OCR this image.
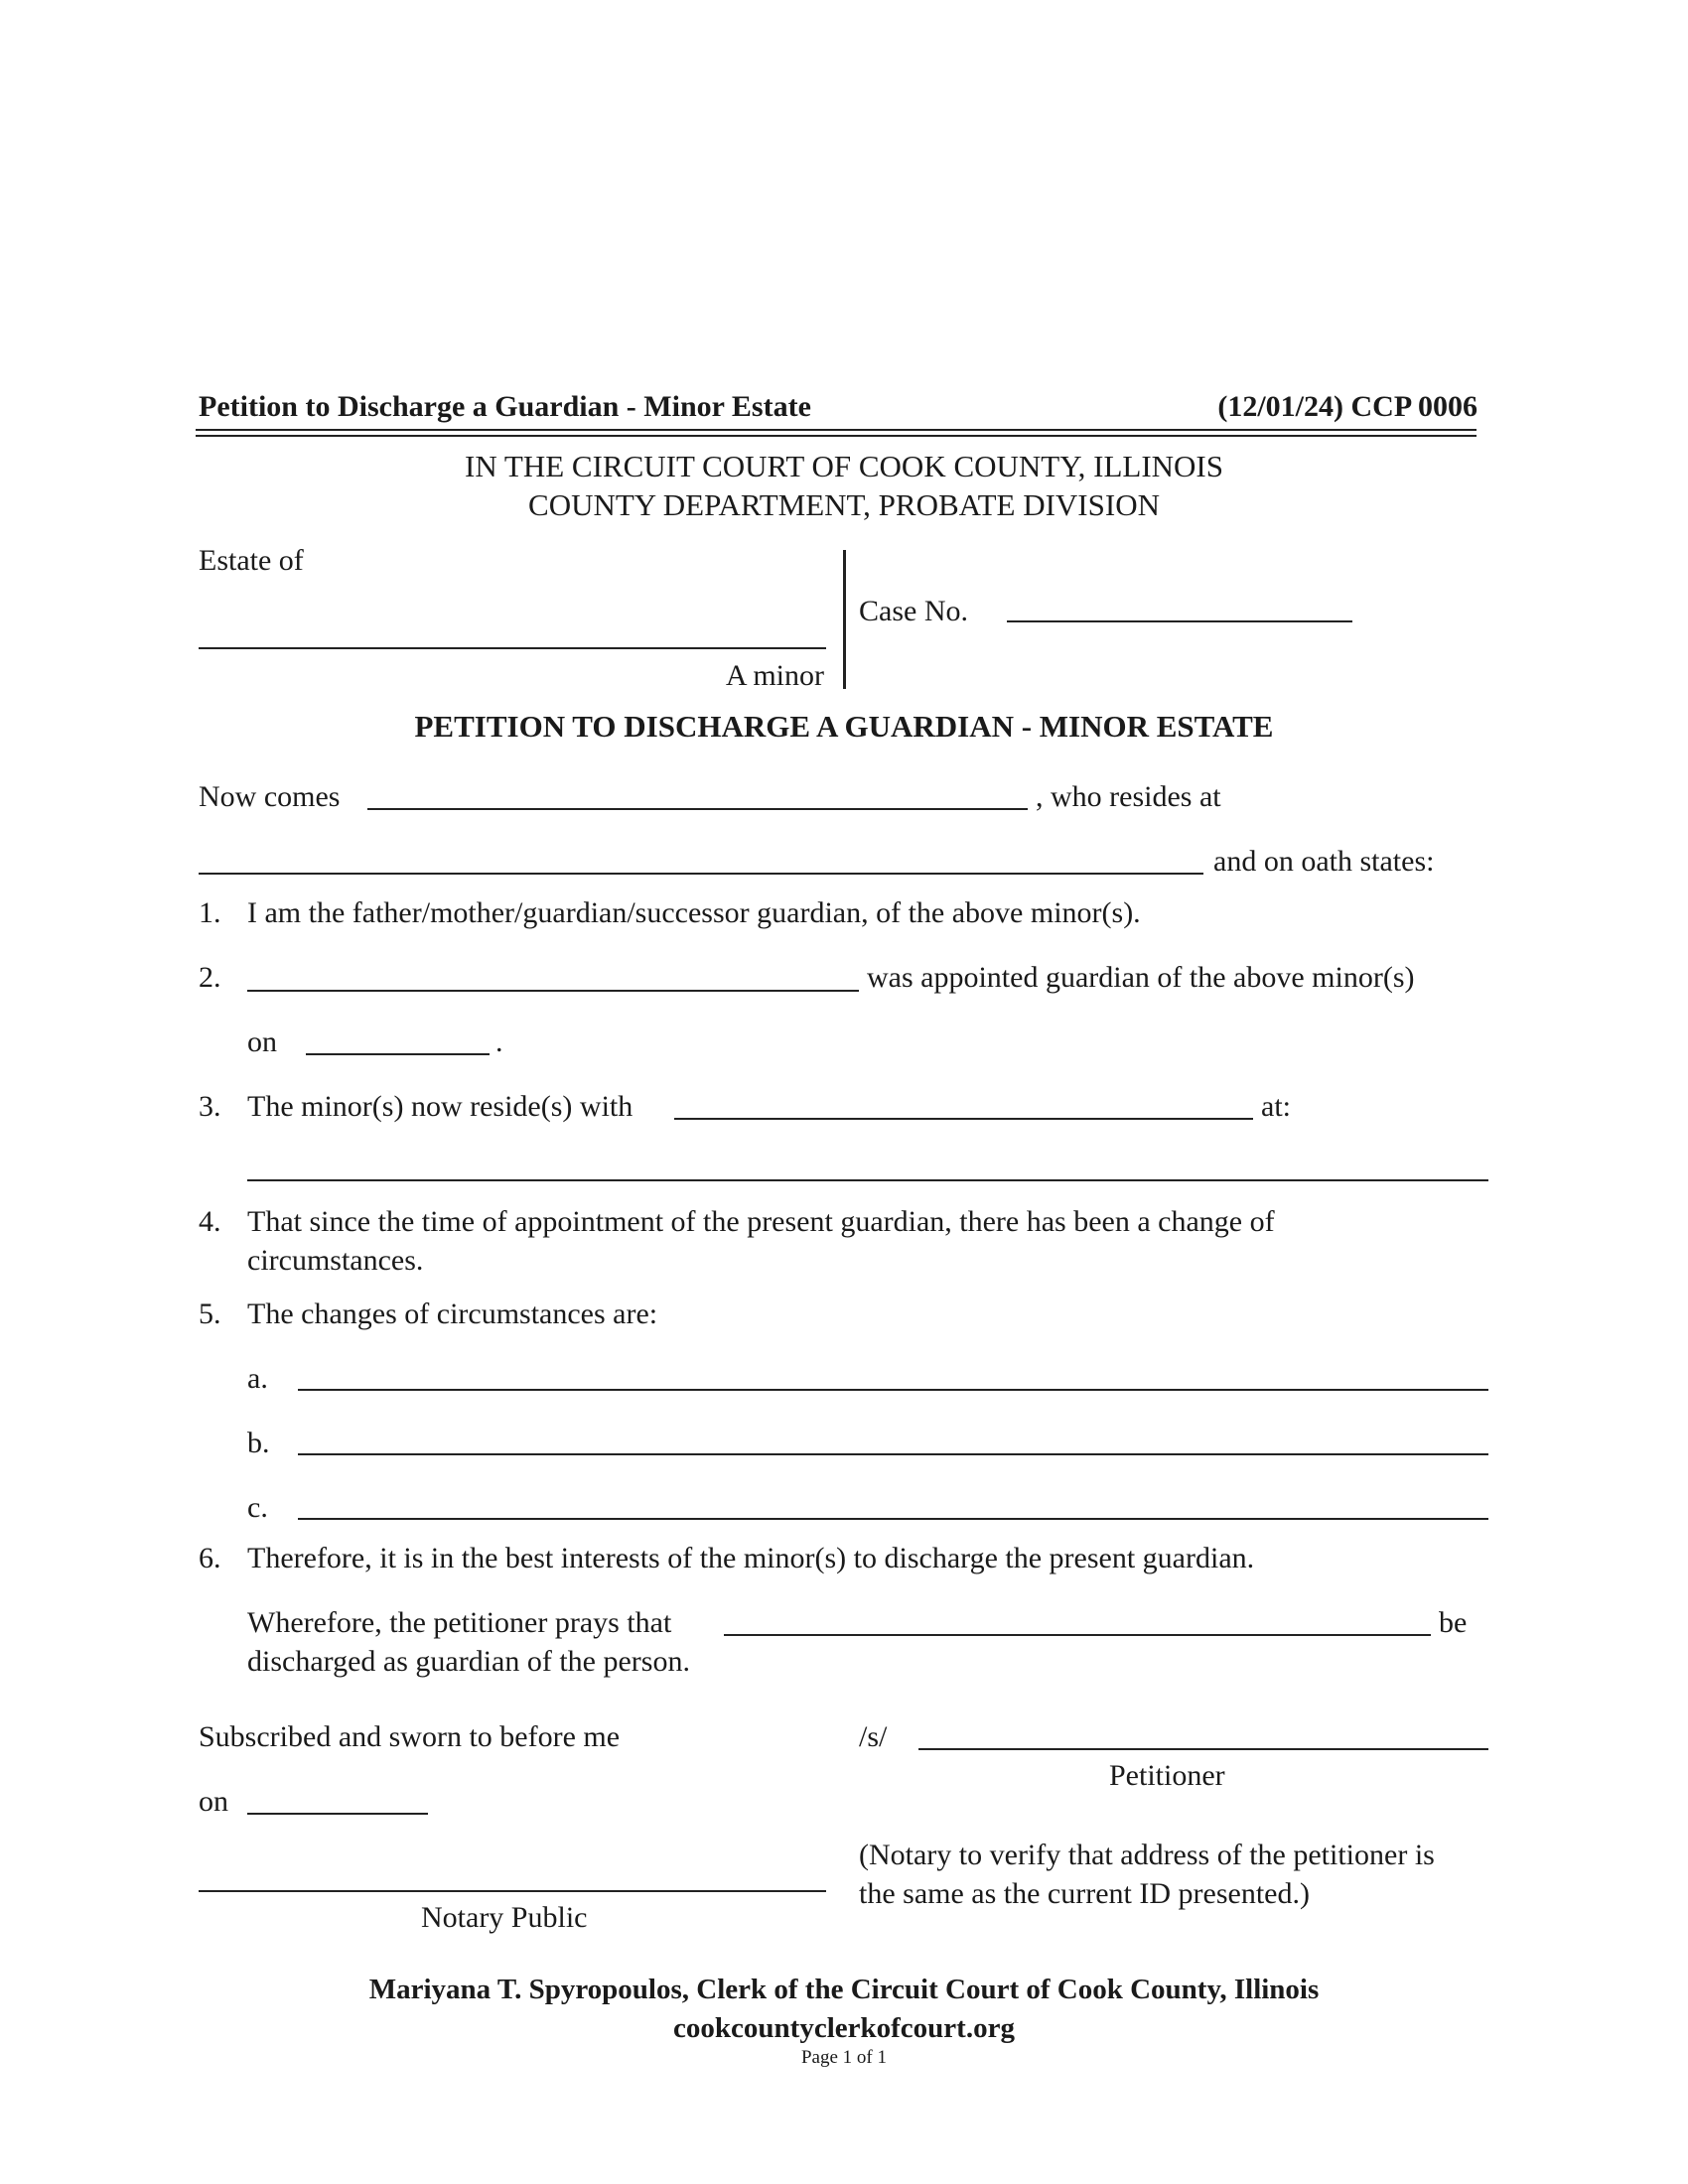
Petition to Discharge a Guardian - Minor Estate	(12/01/24) CCP 0006
IN THE CIRCUIT COURT OF COOK COUNTY, ILLINOIS
COUNTY DEPARTMENT, PROBATE DIVISION
Estate of
A minor
Case No.
PETITION TO DISCHARGE A GUARDIAN - MINOR ESTATE
Now comes	, who resides at
and on oath states:
1. I am the father/mother/guardian/successor guardian, of the above minor(s).
2.	was appointed guardian of the above minor(s)
on	.
3. The minor(s) now reside(s) with	at:
4. That since the time of appointment of the present guardian, there has been a change of
circumstances.
5. The changes of circumstances are:
a.
b.
c.
6. Therefore, it is in the best interests of the minor(s) to discharge the present guardian.
Wherefore, the petitioner prays that	be
discharged as guardian of the person.
Subscribed and sworn to before me
on
Notary Public
/s/
Petitioner
(Notary to verify that address of the petitioner is
the same as the current ID presented.)
Mariyana T. Spyropoulos, Clerk of the Circuit Court of Cook County, Illinois
cookcountyclerkofcourt.org
Page 1 of 1
